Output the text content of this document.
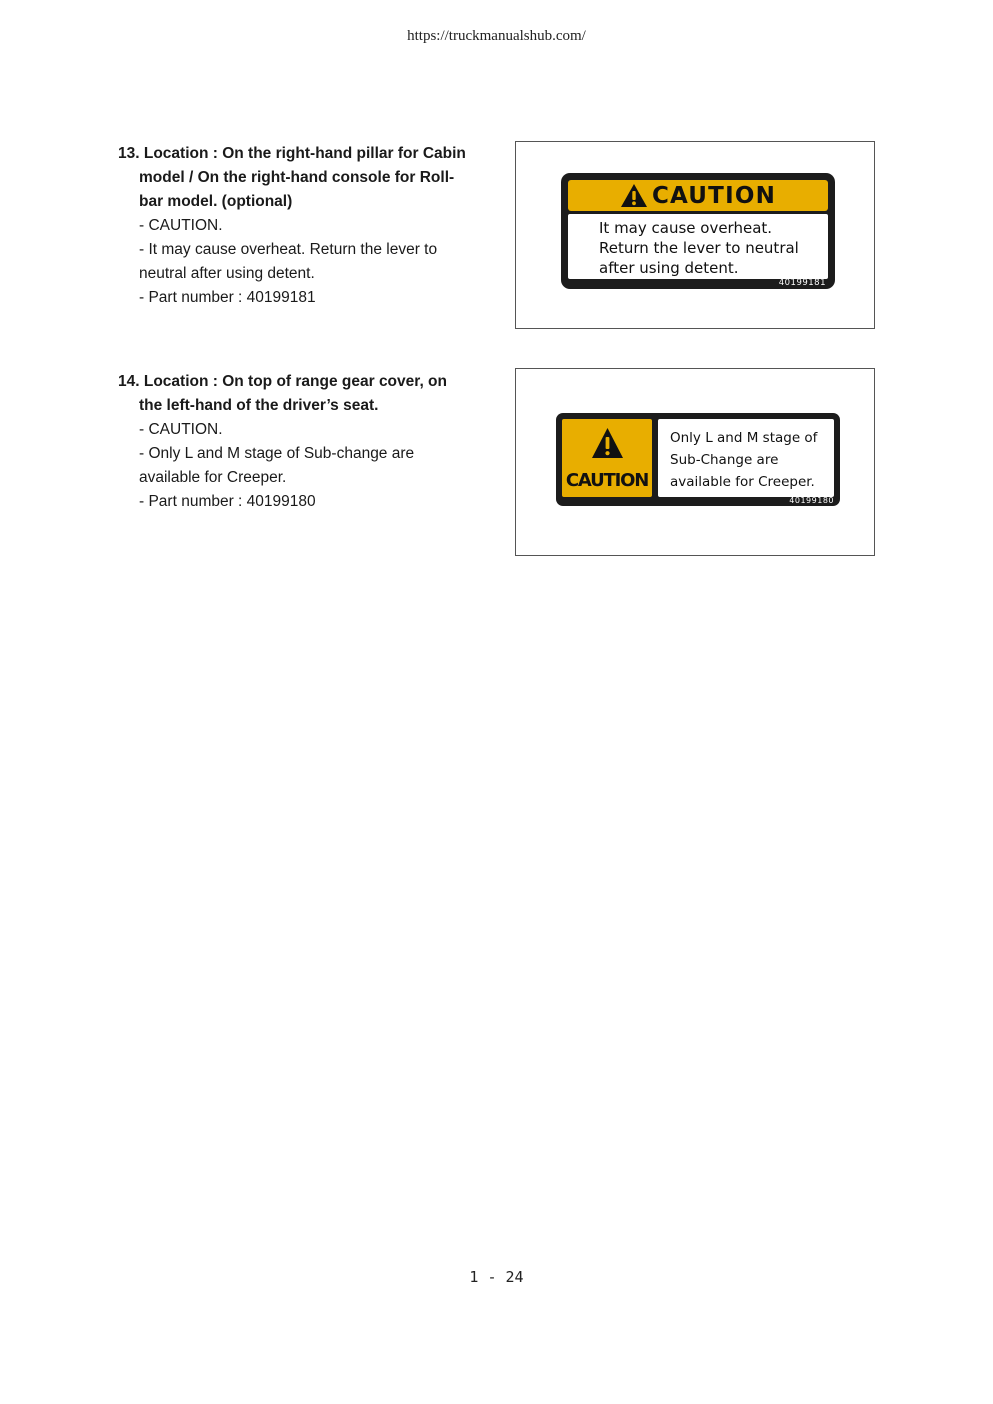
https://truckmanualshub.com/
13. Location : On the right-hand pillar for Cabin
model / On the right-hand console for Roll-
bar model. (optional)
- CAUTION.
- It may cause overheat. Return the lever to
neutral after using detent.
- Part number : 40199181
CAUTION
It may cause overheat.
Return the lever to neutral
after using detent.
40199181
14. Location : On top of range gear cover, on
the left-hand of the driver’s seat.
- CAUTION.
- Only L and M stage of Sub-change are
available for Creeper.
- Part number : 40199180
CAUTION
Only L and M stage of
Sub-Change are
available for Creeper.
40199180
1 - 24
